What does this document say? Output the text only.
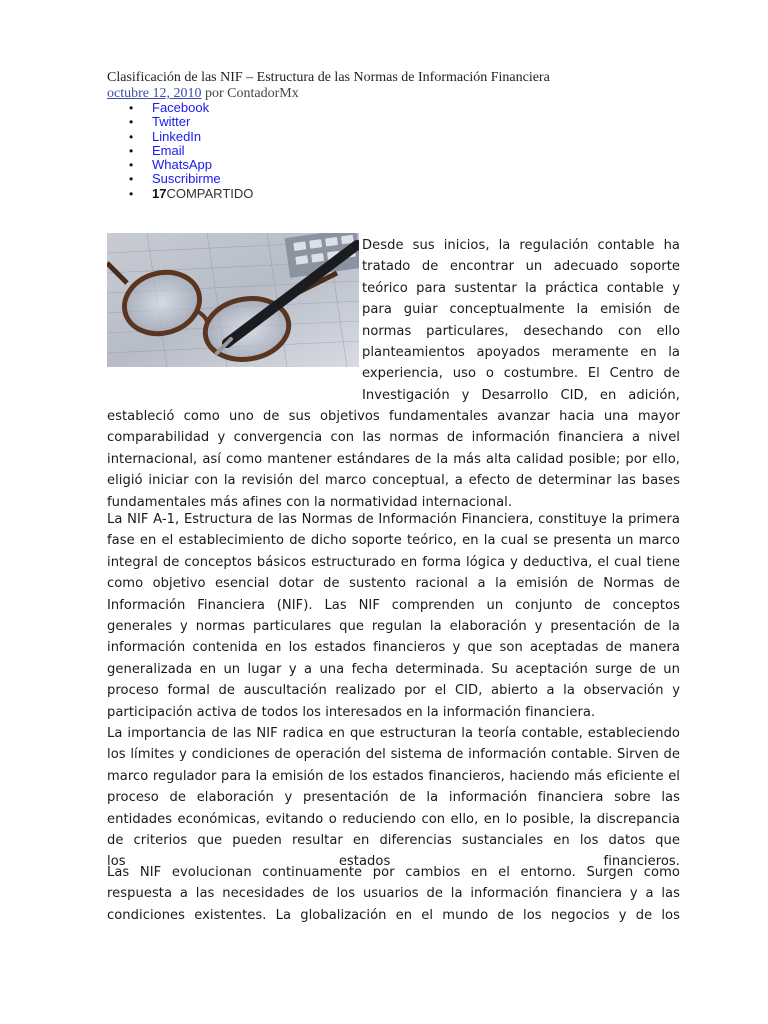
Clasificación de las NIF – Estructura de las Normas de Información Financiera
octubre 12, 2010 por ContadorMx
• Facebook
• Twitter
• LinkedIn
• Email
• WhatsApp
• Suscribirme
• 17COMPARTIDO
Desde sus inicios, la regulación contable ha
tratado de encontrar un adecuado soporte
teórico para sustentar la práctica contable y
para guiar conceptualmente la emisión de
normas particulares, desechando con ello
planteamientos apoyados meramente en la
experiencia, uso o costumbre. El Centro de
Investigación y Desarrollo CID, en adición,
estableció como uno de sus objetivos fundamentales avanzar hacia una mayor
comparabilidad y convergencia con las normas de información financiera a nivel
internacional, así como mantener estándares de la más alta calidad posible; por ello,
eligió iniciar con la revisión del marco conceptual, a efecto de determinar las bases
fundamentales más afines con la normatividad internacional.
La NIF A-1, Estructura de las Normas de Información Financiera, constituye la primera
fase en el establecimiento de dicho soporte teórico, en la cual se presenta un marco
integral de conceptos básicos estructurado en forma lógica y deductiva, el cual tiene
como objetivo esencial dotar de sustento racional a la emisión de Normas de
Información Financiera (NIF). Las NIF comprenden un conjunto de conceptos
generales y normas particulares que regulan la elaboración y presentación de la
información contenida en los estados financieros y que son aceptadas de manera
generalizada en un lugar y a una fecha determinada. Su aceptación surge de un
proceso formal de auscultación realizado por el CID, abierto a la observación y
participación activa de todos los interesados en la información financiera.
La importancia de las NIF radica en que estructuran la teoría contable, estableciendo
los límites y condiciones de operación del sistema de información contable. Sirven de
marco regulador para la emisión de los estados financieros, haciendo más eficiente el
proceso de elaboración y presentación de la información financiera sobre las
entidades económicas, evitando o reduciendo con ello, en lo posible, la discrepancia
de criterios que pueden resultar en diferencias sustanciales en los datos que
los estados financieros.
Las NIF evolucionan continuamente por cambios en el entorno. Surgen como
respuesta a las necesidades de los usuarios de la información financiera y a las
condiciones existentes. La globalización en el mundo de los negocios y de los
